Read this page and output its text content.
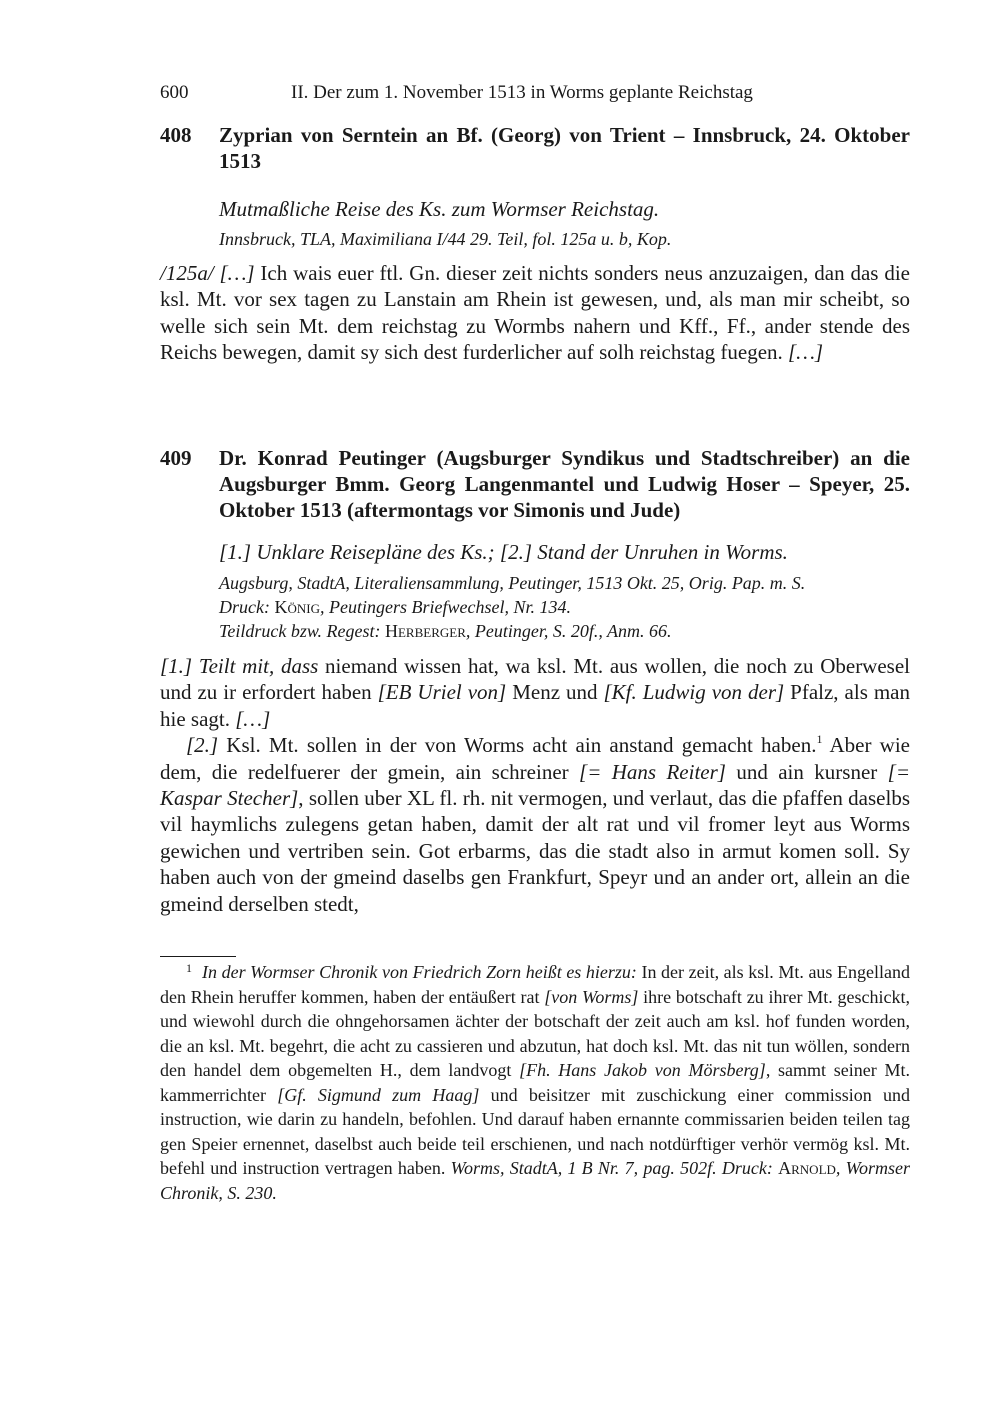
600	II. Der zum 1. November 1513 in Worms geplante Reichstag
408 Zyprian von Serntein an Bf. (Georg) von Trient – Innsbruck, 24. Oktober 1513
Mutmaßliche Reise des Ks. zum Wormser Reichstag.
Innsbruck, TLA, Maximiliana I/44 29. Teil, fol. 125a u. b, Kop.
/125a/ […] Ich wais euer ftl. Gn. dieser zeit nichts sonders neus anzuzaigen, dan das die ksl. Mt. vor sex tagen zu Lanstain am Rhein ist gewesen, und, als man mir scheibt, so welle sich sein Mt. dem reichstag zu Wormbs nahern und Kff., Ff., ander stende des Reichs bewegen, damit sy sich dest furderlicher auf solh reichstag fuegen. […]
409 Dr. Konrad Peutinger (Augsburger Syndikus und Stadtschreiber) an die Augsburger Bmm. Georg Langenmantel und Ludwig Hoser – Speyer, 25. Oktober 1513 (aftermontags vor Simonis und Jude)
[1.] Unklare Reisepläne des Ks.; [2.] Stand der Unruhen in Worms.
Augsburg, StadtA, Literaliensammlung, Peutinger, 1513 Okt. 25, Orig. Pap. m. S.
Druck: König, Peutingers Briefwechsel, Nr. 134.
Teildruck bzw. Regest: Herberger, Peutinger, S. 20f., Anm. 66.
[1.] Teilt mit, dass niemand wissen hat, wa ksl. Mt. aus wollen, die noch zu Oberwesel und zu ir erfordert haben [EB Uriel von] Menz und [Kf. Ludwig von der] Pfalz, als man hie sagt. […]
[2.] Ksl. Mt. sollen in der von Worms acht ain anstand gemacht haben.$^1$ Aber wie dem, die redelfuerer der gmein, ain schreiner [= Hans Reiter] und ain kursner [= Kaspar Stecher], sollen uber XL fl. rh. nit vermogen, und verlaut, das die pfaffen daselbs vil haymlichs zulegens getan haben, damit der alt rat und vil fromer leyt aus Worms gewichen und vertriben sein. Got erbarms, das die stadt also in armut komen soll. Sy haben auch von der gmeind daselbs gen Frankfurt, Speyr und an ander ort, allein an die gmeind derselben stedt,
$^1$ In der Wormser Chronik von Friedrich Zorn heißt es hierzu: In der zeit, als ksl. Mt. aus Engelland den Rhein heruffer kommen, haben der entäußert rat [von Worms] ihre botschaft zu ihrer Mt. geschickt, und wiewohl durch die ohngehorsamen ächter der botschaft der zeit auch am ksl. hof funden worden, die an ksl. Mt. begehrt, die acht zu cassieren und abzutun, hat doch ksl. Mt. das nit tun wöllen, sondern den handel dem obgemelten H., dem landvogt [Fh. Hans Jakob von Mörsberg], sammt seiner Mt. kammerrichter [Gf. Sigmund zum Haag] und beisitzer mit zuschickung einer commission und instruction, wie darin zu handeln, befohlen. Und darauf haben ernannte commissarien beiden teilen tag gen Speier ernennet, daselbst auch beide teil erschienen, und nach notdürftiger verhör vermög ksl. Mt. befehl und instruction vertragen haben. Worms, StadtA, 1 B Nr. 7, pag. 502f. Druck: Arnold, Wormser Chronik, S. 230.
